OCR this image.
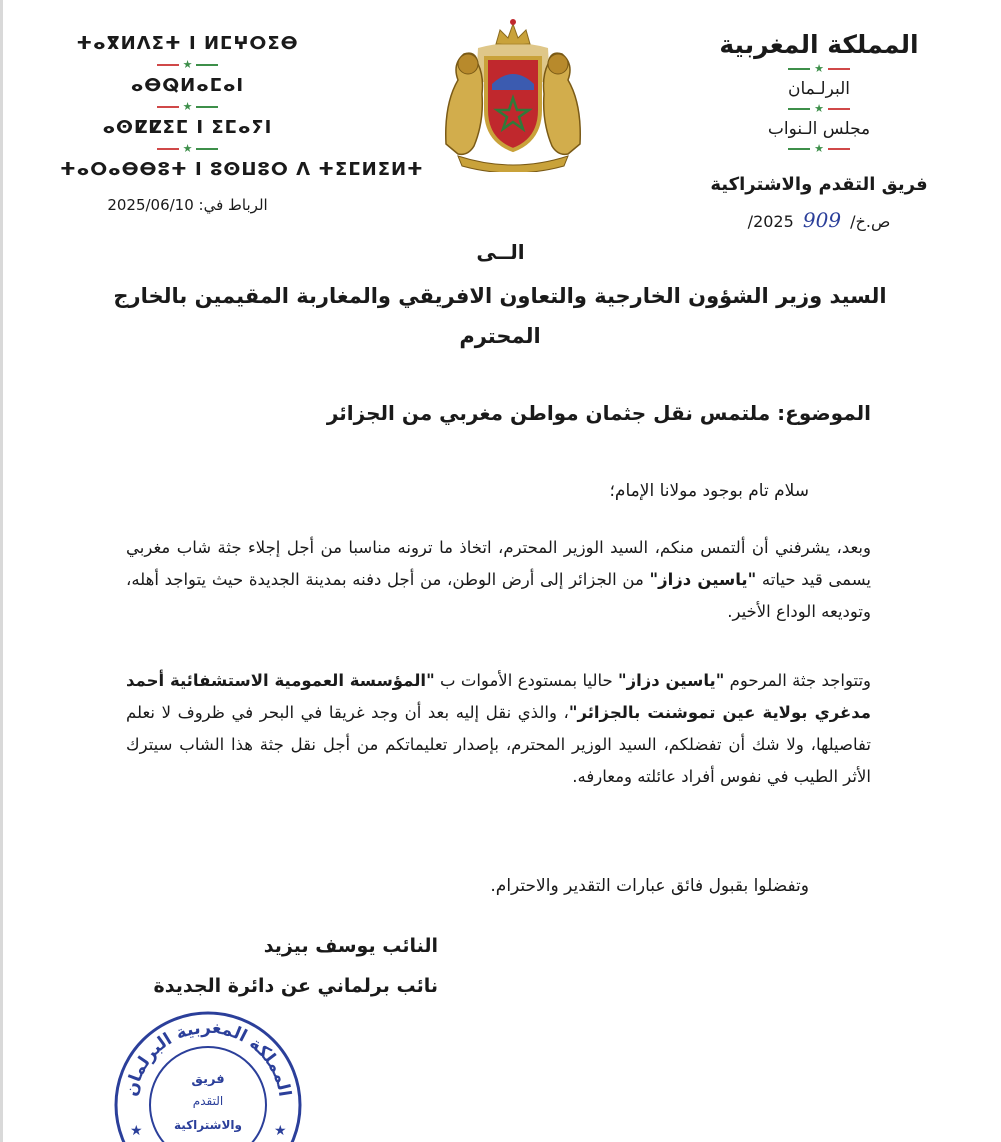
المملكة المغربية
★
البرلـمان
★
مجلس الـنواب
★
فريق التقدم والاشتراكية
ص.خ/ 909 2025/
ⵜⴰⴳⵍⴷⵉⵜ ⵏ ⵍⵎⵖⵔⵉⴱ
★
ⴰⴱⵕⵍⴰⵎⴰⵏ
★
ⴰⵙⵇⵇⵉⵎ ⵏ ⵉⵎⴰⵢⵏ
★
ⵜⴰⵔⴰⴱⴱⵓⵜ ⵏ ⵓⵙⵡⵓⵔ ⴷ ⵜⵉⵎⵍⵉⵍⵜ
الرباط في: 2025/06/10
الــى
السيد وزير الشؤون الخارجية والتعاون الافريقي والمغاربة المقيمين بالخارج
المحترم
الموضوع: ملتمس نقل جثمان مواطن مغربي من الجزائر
سلام تام بوجود مولانا الإمام؛
وبعد، يشرفني أن ألتمس منكم، السيد الوزير المحترم، اتخاذ ما ترونه مناسبا من أجل إجلاء جثة شاب مغربي يسمى قيد حياته "ياسين دزاز" من الجزائر إلى أرض الوطن، من أجل دفنه بمدينة الجديدة حيث يتواجد أهله، وتوديعه الوداع الأخير.
وتتواجد جثة المرحوم "ياسين دزاز" حاليا بمستودع الأموات ب "المؤسسة العمومية الاستشفائية أحمد مدغري بولاية عين تموشنت بالجزائر"، والذي نقل إليه بعد أن وجد غريقا في البحر في ظروف لا نعلم تفاصيلها، ولا شك أن تفضلكم، السيد الوزير المحترم، بإصدار تعليماتكم من أجل نقل جثة هذا الشاب سيترك الأثر الطيب في نفوس أفراد عائلته ومعارفه.
وتفضلوا بقبول فائق عبارات التقدير والاحترام.
النائب يوسف بيزيد
نائب برلماني عن دائرة الجديدة
المملكة المغربية البرلمان
فريق
التقدم
والاشتراكية
★	★
